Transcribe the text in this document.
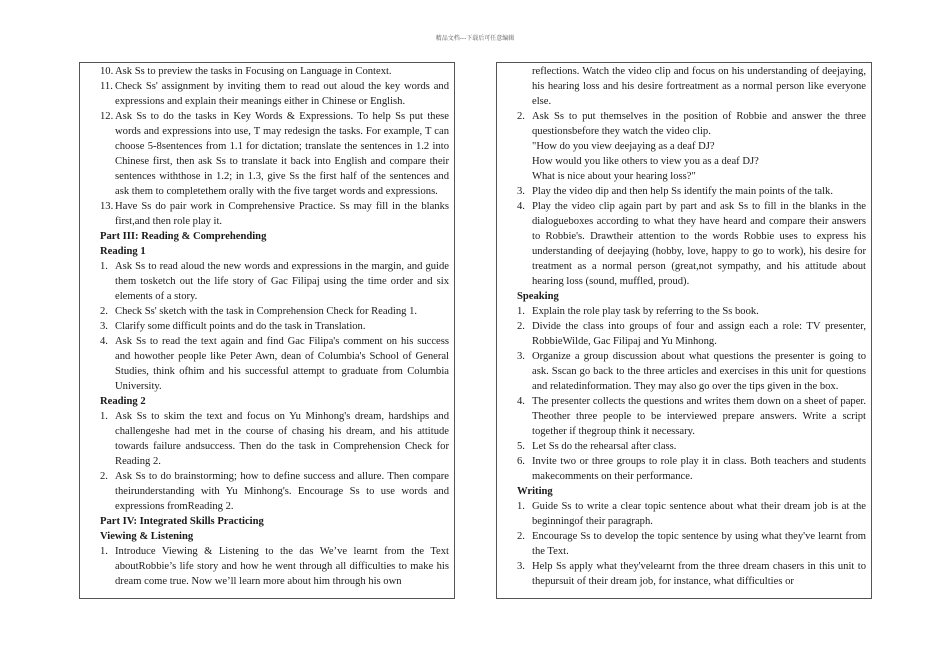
精品文档---下载后可任意编辑
10. Ask Ss to preview the tasks in Focusing on Language in Context.
11. Check Ss' assignment by inviting them to read out aloud the key words and expressions and explain their meanings either in Chinese or English.
12. Ask Ss to do the tasks in Key Words & Expressions. To help Ss put these words and expressions into use, T may redesign the tasks. For example, T can choose 5-8sentences from 1.1 for dictation; translate the sentences in 1.2 into Chinese first, then ask Ss to translate it back into English and compare their sentences withthose in 1.2; in 1.3, give Ss the first half of the sentences and ask them to completethem orally with the five target words and expressions.
13. Have Ss do pair work in Comprehensive Practice. Ss may fill in the blanks first,and then role play it.
Part III: Reading & Comprehending
Reading 1
1. Ask Ss to read aloud the new words and expressions in the margin, and guide them tosketch out the life story of Gac Filipaj using the time order and six elements of a story.
2. Check Ss' sketch with the task in Comprehension Check for Reading 1.
3. Clarify some difficult points and do the task in Translation.
4. Ask Ss to read the text again and find Gac Filipa's comment on his success and howother people like Peter Awn, dean of Columbia's School of General Studies, think ofhim and his successful attempt to graduate from Columbia University.
Reading 2
1. Ask Ss to skim the text and focus on Yu Minhong's dream, hardships and challengeshe had met in the course of chasing his dream, and his attitude towards failure andsuccess. Then do the task in Comprehension Check for Reading 2.
2. Ask Ss to do brainstorming; how to define success and allure. Then compare theirunderstanding with Yu Minhong's. Encourage Ss to use words and expressions fromReading 2.
Part IV: Integrated Skills Practicing
Viewing & Listening
1. Introduce Viewing & Listening to the das We’ve learnt from the Text aboutRobbie’s life story and how he went through all difficulties to make his dream come true. Now we’ll learn more about him through his own
reflections. Watch the video clip and focus on his understanding of deejaying, his hearing loss and his desire fortreatment as a normal person like everyone else.
2. Ask Ss to put themselves in the position of Robbie and answer the three questionsbefore they watch the video clip.
"How do you view deejaying as a deaf DJ?
How would you like others to view you as a deaf DJ?
What is nice about your hearing loss?"
3. Play the video dip and then help Ss identify the main points of the talk.
4. Play the video clip again part by part and ask Ss to fill in the blanks in the dialogueboxes according to what they have heard and compare their answers to Robbie's. Drawtheir attention to the words Robbie uses to express his understanding of deejaying (hobby, love, happy to go to work), his desire for treatment as a normal person (great,not sympathy, and his attitude about hearing loss (sound, muffled, proud).
Speaking
1. Explain the role play task by referring to the Ss book.
2. Divide the class into groups of four and assign each a role: TV presenter, RobbieWilde, Gac Filipaj and Yu Minhong.
3. Organize a group discussion about what questions the presenter is going to ask. Sscan go back to the three articles and exercises in this unit for questions and relatedinformation. They may also go over the tips given in the box.
4. The presenter collects the questions and writes them down on a sheet of paper. Theother three people to be interviewed prepare answers. Write a script together if thegroup think it necessary.
5. Let Ss do the rehearsal after class.
6. Invite two or three groups to role play it in class. Both teachers and students makecomments on their performance.
Writing
1. Guide Ss to write a clear topic sentence about what their dream job is at the beginningof their paragraph.
2. Encourage Ss to develop the topic sentence by using what they've learnt from the Text.
3. Help Ss apply what they'velearnt from the three dream chasers in this unit to thepursuit of their dream job, for instance, what difficulties or
